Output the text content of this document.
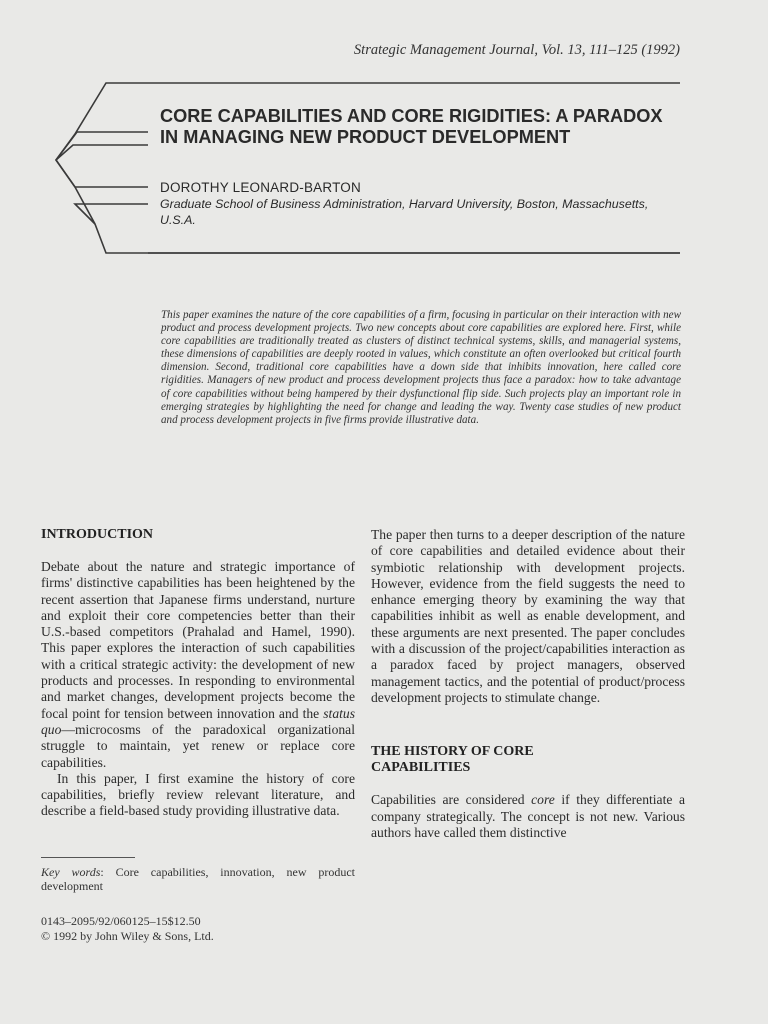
Strategic Management Journal, Vol. 13, 111–125 (1992)
CORE CAPABILITIES AND CORE RIGIDITIES: A PARADOX IN MANAGING NEW PRODUCT DEVELOPMENT
DOROTHY LEONARD-BARTON
Graduate School of Business Administration, Harvard University, Boston, Massachusetts, U.S.A.

This paper examines the nature of the core capabilities of a firm, focusing in particular on their interaction with new product and process development projects. Two new concepts about core capabilities are explored here. First, while core capabilities are traditionally treated as clusters of distinct technical systems, skills, and managerial systems, these dimensions of capabilities are deeply rooted in values, which constitute an often overlooked but critical fourth dimension. Second, traditional core capabilities have a down side that inhibits innovation, here called core rigidities. Managers of new product and process development projects thus face a paradox: how to take advantage of core capabilities without being hampered by their dysfunctional flip side. Such projects play an important role in emerging strategies by highlighting the need for change and leading the way. Twenty case studies of new product and process development projects in five firms provide illustrative data.

INTRODUCTION

Debate about the nature and strategic importance of firms' distinctive capabilities has been heightened by the recent assertion that Japanese firms understand, nurture and exploit their core competencies better than their U.S.-based competitors (Prahalad and Hamel, 1990). This paper explores the interaction of such capabilities with a critical strategic activity: the development of new products and processes. In responding to environmental and market changes, development projects become the focal point for tension between innovation and the status quo—microcosms of the paradoxical organizational struggle to maintain, yet renew or replace core capabilities.

In this paper, I first examine the history of core capabilities, briefly review relevant literature, and describe a field-based study providing illustrative data.

Key words: Core capabilities, innovation, new product development

0143–2095/92/060125–15$12.50
© 1992 by John Wiley & Sons, Ltd.

The paper then turns to a deeper description of the nature of core capabilities and detailed evidence about their symbiotic relationship with development projects. However, evidence from the field suggests the need to enhance emerging theory by examining the way that capabilities inhibit as well as enable development, and these arguments are next presented. The paper concludes with a discussion of the project/capabilities interaction as a paradox faced by project managers, observed management tactics, and the potential of product/process development projects to stimulate change.

THE HISTORY OF CORE
CAPABILITIES

Capabilities are considered core if they differentiate a company strategically. The concept is not new. Various authors have called them distinctive
